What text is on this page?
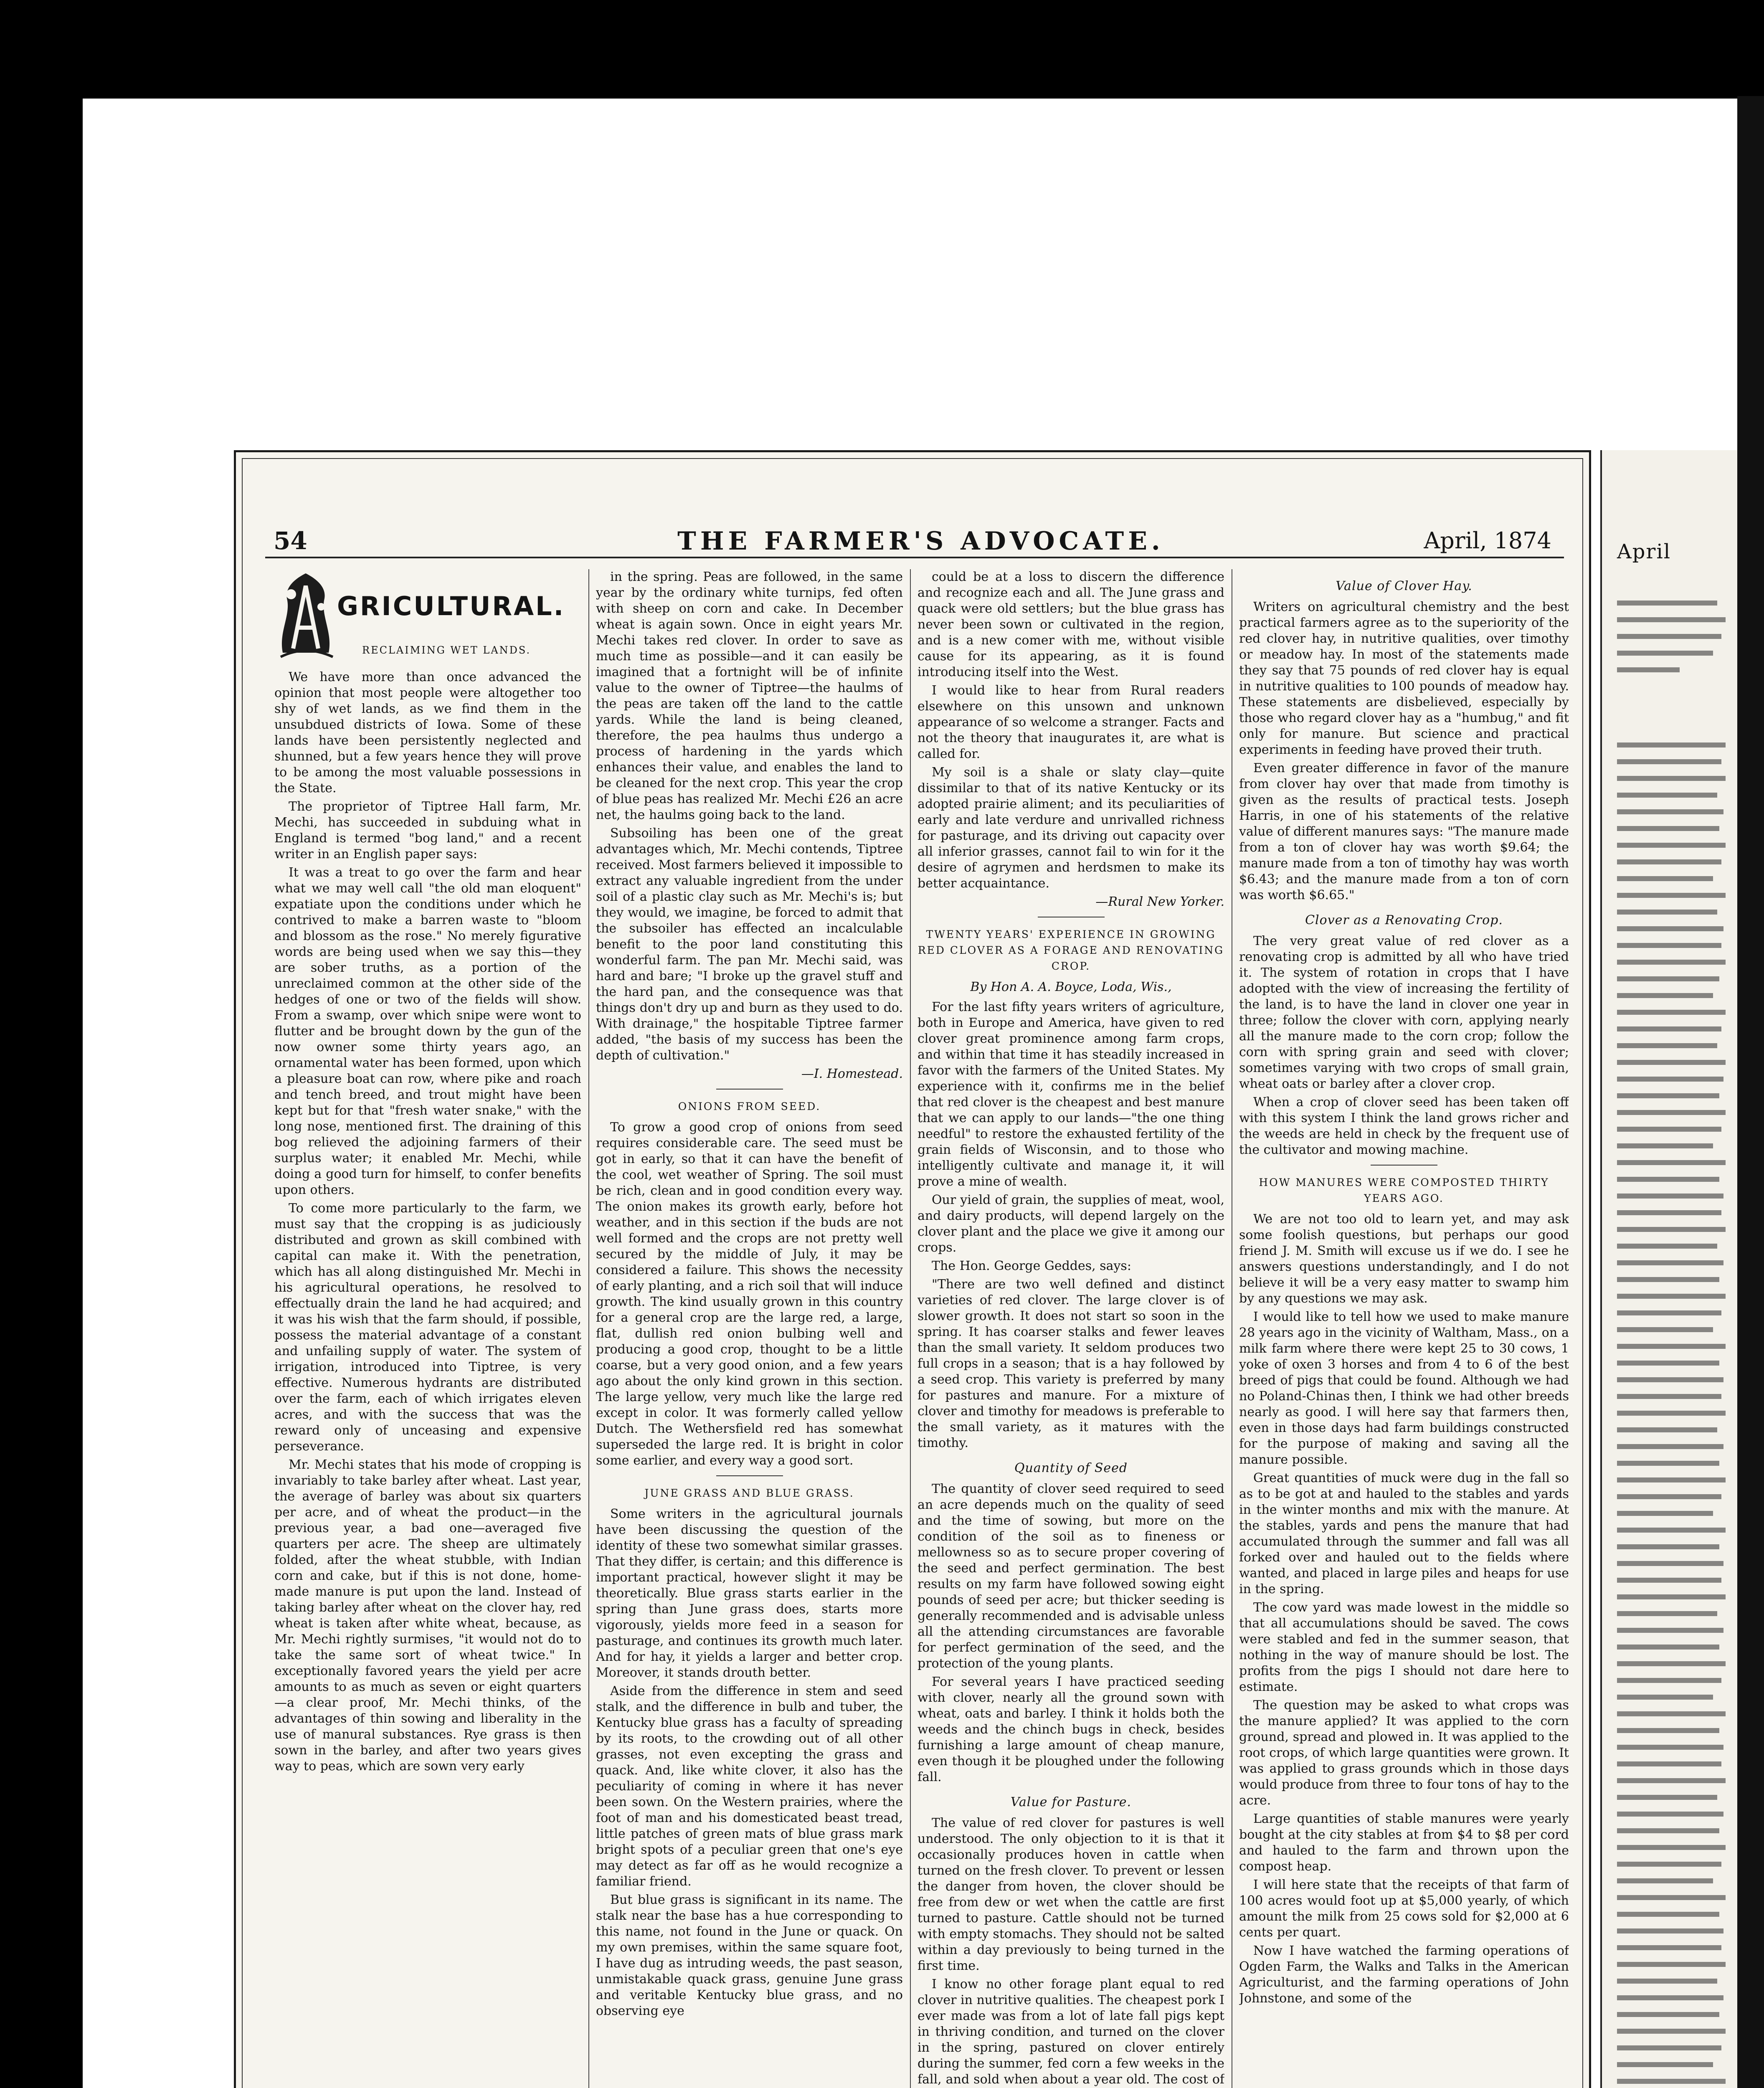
April
54	THE FARMER'S ADVOCATE.	April, 1874
GRICULTURAL.
RECLAIMING WET LANDS.

We have more than once advanced the opinion that most people were altogether too shy of wet lands, as we find them in the unsubdued districts of Iowa. Some of these lands have been persistently neglected and shunned, but a few years hence they will prove to be among the most valuable possessions in the State.

The proprietor of Tiptree Hall farm, Mr. Mechi, has succeeded in subduing what in England is termed "bog land," and a recent writer in an English paper says:

It was a treat to go over the farm and hear what we may well call "the old man eloquent" expatiate upon the conditions under which he contrived to make a barren waste to "bloom and blossom as the rose." No merely figurative words are being used when we say this—they are sober truths, as a portion of the unreclaimed common at the other side of the hedges of one or two of the fields will show. From a swamp, over which snipe were wont to flutter and be brought down by the gun of the now owner some thirty years ago, an ornamental water has been formed, upon which a pleasure boat can row, where pike and roach and tench breed, and trout might have been kept but for that "fresh water snake," with the long nose, mentioned first. The draining of this bog relieved the adjoining farmers of their surplus water; it enabled Mr. Mechi, while doing a good turn for himself, to confer benefits upon others.

To come more particularly to the farm, we must say that the cropping is as judiciously distributed and grown as skill combined with capital can make it. With the penetration, which has all along distinguished Mr. Mechi in his agricultural operations, he resolved to effectually drain the land he had acquired; and it was his wish that the farm should, if possible, possess the material advantage of a constant and unfailing supply of water. The system of irrigation, introduced into Tiptree, is very effective. Numerous hydrants are distributed over the farm, each of which irrigates eleven acres, and with the success that was the reward only of unceasing and expensive perseverance.

Mr. Mechi states that his mode of cropping is invariably to take barley after wheat. Last year, the average of barley was about six quarters per acre, and of wheat the product—in the previous year, a bad one—averaged five quarters per acre. The sheep are ultimately folded, after the wheat stubble, with Indian corn and cake, but if this is not done, home-made manure is put upon the land. Instead of taking barley after wheat on the clover hay, red wheat is taken after white wheat, because, as Mr. Mechi rightly surmises, "it would not do to take the same sort of wheat twice." In exceptionally favored years the yield per acre amounts to as much as seven or eight quarters—a clear proof, Mr. Mechi thinks, of the advantages of thin sowing and liberality in the use of manural substances. Rye grass is then sown in the barley, and after two years gives way to peas, which are sown very early

in the spring. Peas are followed, in the same year by the ordinary white turnips, fed often with sheep on corn and cake. In December wheat is again sown. Once in eight years Mr. Mechi takes red clover. In order to save as much time as possible—and it can easily be imagined that a fortnight will be of infinite value to the owner of Tiptree—the haulms of the peas are taken off the land to the cattle yards. While the land is being cleaned, therefore, the pea haulms thus undergo a process of hardening in the yards which enhances their value, and enables the land to be cleaned for the next crop. This year the crop of blue peas has realized Mr. Mechi £26 an acre net, the haulms going back to the land.

Subsoiling has been one of the great advantages which, Mr. Mechi contends, Tiptree received. Most farmers believed it impossible to extract any valuable ingredient from the under soil of a plastic clay such as Mr. Mechi's is; but they would, we imagine, be forced to admit that the subsoiler has effected an incalculable benefit to the poor land constituting this wonderful farm. The pan Mr. Mechi said, was hard and bare; "I broke up the gravel stuff and the hard pan, and the consequence was that things don't dry up and burn as they used to do. With drainage," the hospitable Tiptree farmer added, "the basis of my success has been the depth of cultivation."

—I. Homestead.
ONIONS FROM SEED.

To grow a good crop of onions from seed requires considerable care. The seed must be got in early, so that it can have the benefit of the cool, wet weather of Spring. The soil must be rich, clean and in good condition every way. The onion makes its growth early, before hot weather, and in this section if the buds are not well formed and the crops are not pretty well secured by the middle of July, it may be considered a failure. This shows the necessity of early planting, and a rich soil that will induce growth. The kind usually grown in this country for a general crop are the large red, a large, flat, dullish red onion bulbing well and producing a good crop, thought to be a little coarse, but a very good onion, and a few years ago about the only kind grown in this section. The large yellow, very much like the large red except in color. It was formerly called yellow Dutch. The Wethersfield red has somewhat superseded the large red. It is bright in color some earlier, and every way a good sort.

JUNE GRASS AND BLUE GRASS.

Some writers in the agricultural journals have been discussing the question of the identity of these two somewhat similar grasses. That they differ, is certain; and this difference is important practical, however slight it may be theoretically. Blue grass starts earlier in the spring than June grass does, starts more vigorously, yields more feed in a season for pasturage, and continues its growth much later. And for hay, it yields a larger and better crop. Moreover, it stands drouth better.

Aside from the difference in stem and seed stalk, and the difference in bulb and tuber, the Kentucky blue grass has a faculty of spreading by its roots, to the crowding out of all other grasses, not even excepting the grass and quack. And, like white clover, it also has the peculiarity of coming in where it has never been sown. On the Western prairies, where the foot of man and his domesticated beast tread, little patches of green mats of blue grass mark bright spots of a peculiar green that one's eye may detect as far off as he would recognize a familiar friend.

But blue grass is significant in its name. The stalk near the base has a hue corresponding to this name, not found in the June or quack. On my own premises, within the same square foot, I have dug as intruding weeds, the past season, unmistakable quack grass, genuine June grass and veritable Kentucky blue grass, and no observing eye

could be at a loss to discern the difference and recognize each and all. The June grass and quack were old settlers; but the blue grass has never been sown or cultivated in the region, and is a new comer with me, without visible cause for its appearing, as it is found introducing itself into the West.

I would like to hear from Rural readers elsewhere on this unsown and unknown appearance of so welcome a stranger. Facts and not the theory that inaugurates it, are what is called for.

My soil is a shale or slaty clay—quite dissimilar to that of its native Kentucky or its adopted prairie aliment; and its peculiarities of early and late verdure and unrivalled richness for pasturage, and its driving out capacity over all inferior grasses, cannot fail to win for it the desire of agrymen and herdsmen to make its better acquaintance.

—Rural New Yorker.
TWENTY YEARS' EXPERIENCE IN GROWING RED CLOVER AS A FORAGE AND RENOVATING CROP.
By Hon A. A. Boyce, Loda, Wis.,

For the last fifty years writers of agriculture, both in Europe and America, have given to red clover great prominence among farm crops, and within that time it has steadily increased in favor with the farmers of the United States. My experience with it, confirms me in the belief that red clover is the cheapest and best manure that we can apply to our lands—"the one thing needful" to restore the exhausted fertility of the grain fields of Wisconsin, and to those who intelligently cultivate and manage it, it will prove a mine of wealth.

Our yield of grain, the supplies of meat, wool, and dairy products, will depend largely on the clover plant and the place we give it among our crops.

The Hon. George Geddes, says:

"There are two well defined and distinct varieties of red clover. The large clover is of slower growth. It does not start so soon in the spring. It has coarser stalks and fewer leaves than the small variety. It seldom produces two full crops in a season; that is a hay followed by a seed crop. This variety is preferred by many for pastures and manure. For a mixture of clover and timothy for meadows is preferable to the small variety, as it matures with the timothy.

Quantity of Seed

The quantity of clover seed required to seed an acre depends much on the quality of seed and the time of sowing, but more on the condition of the soil as to fineness or mellowness so as to secure proper covering of the seed and perfect germination. The best results on my farm have followed sowing eight pounds of seed per acre; but thicker seeding is generally recommended and is advisable unless all the attending circumstances are favorable for perfect germination of the seed, and the protection of the young plants.

For several years I have practiced seeding with clover, nearly all the ground sown with wheat, oats and barley. I think it holds both the weeds and the chinch bugs in check, besides furnishing a large amount of cheap manure, even though it be ploughed under the following fall.

Value for Pasture.

The value of red clover for pastures is well understood. The only objection to it is that it occasionally produces hoven in cattle when turned on the fresh clover. To prevent or lessen the danger from hoven, the clover should be free from dew or wet when the cattle are first turned to pasture. Cattle should not be turned with empty stomachs. They should not be salted within a day previously to being turned in the first time.

I know no other forage plant equal to red clover in nutritive qualities. The cheapest pork I ever made was from a lot of late fall pigs kept in thriving condition, and turned on the clover in the spring, pastured on clover entirely during the summer, fed corn a few weeks in the fall, and sold when about a year old. The cost of

Value of Clover Hay.

Writers on agricultural chemistry and the best practical farmers agree as to the superiority of the red clover hay, in nutritive qualities, over timothy or meadow hay. In most of the statements made they say that 75 pounds of red clover hay is equal in nutritive qualities to 100 pounds of meadow hay. These statements are disbelieved, especially by those who regard clover hay as a "humbug," and fit only for manure. But science and practical experiments in feeding have proved their truth.

Even greater difference in favor of the manure from clover hay over that made from timothy is given as the results of practical tests. Joseph Harris, in one of his statements of the relative value of different manures says: "The manure made from a ton of clover hay was worth $9.64; the manure made from a ton of timothy hay was worth $6.43; and the manure made from a ton of corn was worth $6.65."

Clover as a Renovating Crop.

The very great value of red clover as a renovating crop is admitted by all who have tried it. The system of rotation in crops that I have adopted with the view of increasing the fertility of the land, is to have the land in clover one year in three; follow the clover with corn, applying nearly all the manure made to the corn crop; follow the corn with spring grain and seed with clover; sometimes varying with two crops of small grain, wheat oats or barley after a clover crop.

When a crop of clover seed has been taken off with this system I think the land grows richer and the weeds are held in check by the frequent use of the cultivator and mowing machine.

HOW MANURES WERE COMPOSTED THIRTY YEARS AGO.

We are not too old to learn yet, and may ask some foolish questions, but perhaps our good friend J. M. Smith will excuse us if we do. I see he answers questions understandingly, and I do not believe it will be a very easy matter to swamp him by any questions we may ask.

I would like to tell how we used to make manure 28 years ago in the vicinity of Waltham, Mass., on a milk farm where there were kept 25 to 30 cows, 1 yoke of oxen 3 horses and from 4 to 6 of the best breed of pigs that could be found. Although we had no Poland-Chinas then, I think we had other breeds nearly as good. I will here say that farmers then, even in those days had farm buildings constructed for the purpose of making and saving all the manure possible.

Great quantities of muck were dug in the fall so as to be got at and hauled to the stables and yards in the winter months and mix with the manure. At the stables, yards and pens the manure that had accumulated through the summer and fall was all forked over and hauled out to the fields where wanted, and placed in large piles and heaps for use in the spring.

The cow yard was made lowest in the middle so that all accumulations should be saved. The cows were stabled and fed in the summer season, that nothing in the way of manure should be lost. The profits from the pigs I should not dare here to estimate.

The question may be asked to what crops was the manure applied? It was applied to the corn ground, spread and plowed in. It was applied to the root crops, of which large quantities were grown. It was applied to grass grounds which in those days would produce from three to four tons of hay to the acre.

Large quantities of stable manures were yearly bought at the city stables at from $4 to $8 per cord and hauled to the farm and thrown upon the compost heap.

I will here state that the receipts of that farm of 100 acres would foot up at $5,000 yearly, of which amount the milk from 25 cows sold for $2,000 at 6 cents per quart.

Now I have watched the farming operations of Ogden Farm, the Walks and Talks in the American Agriculturist, and the farming operations of John Johnstone, and some of the
